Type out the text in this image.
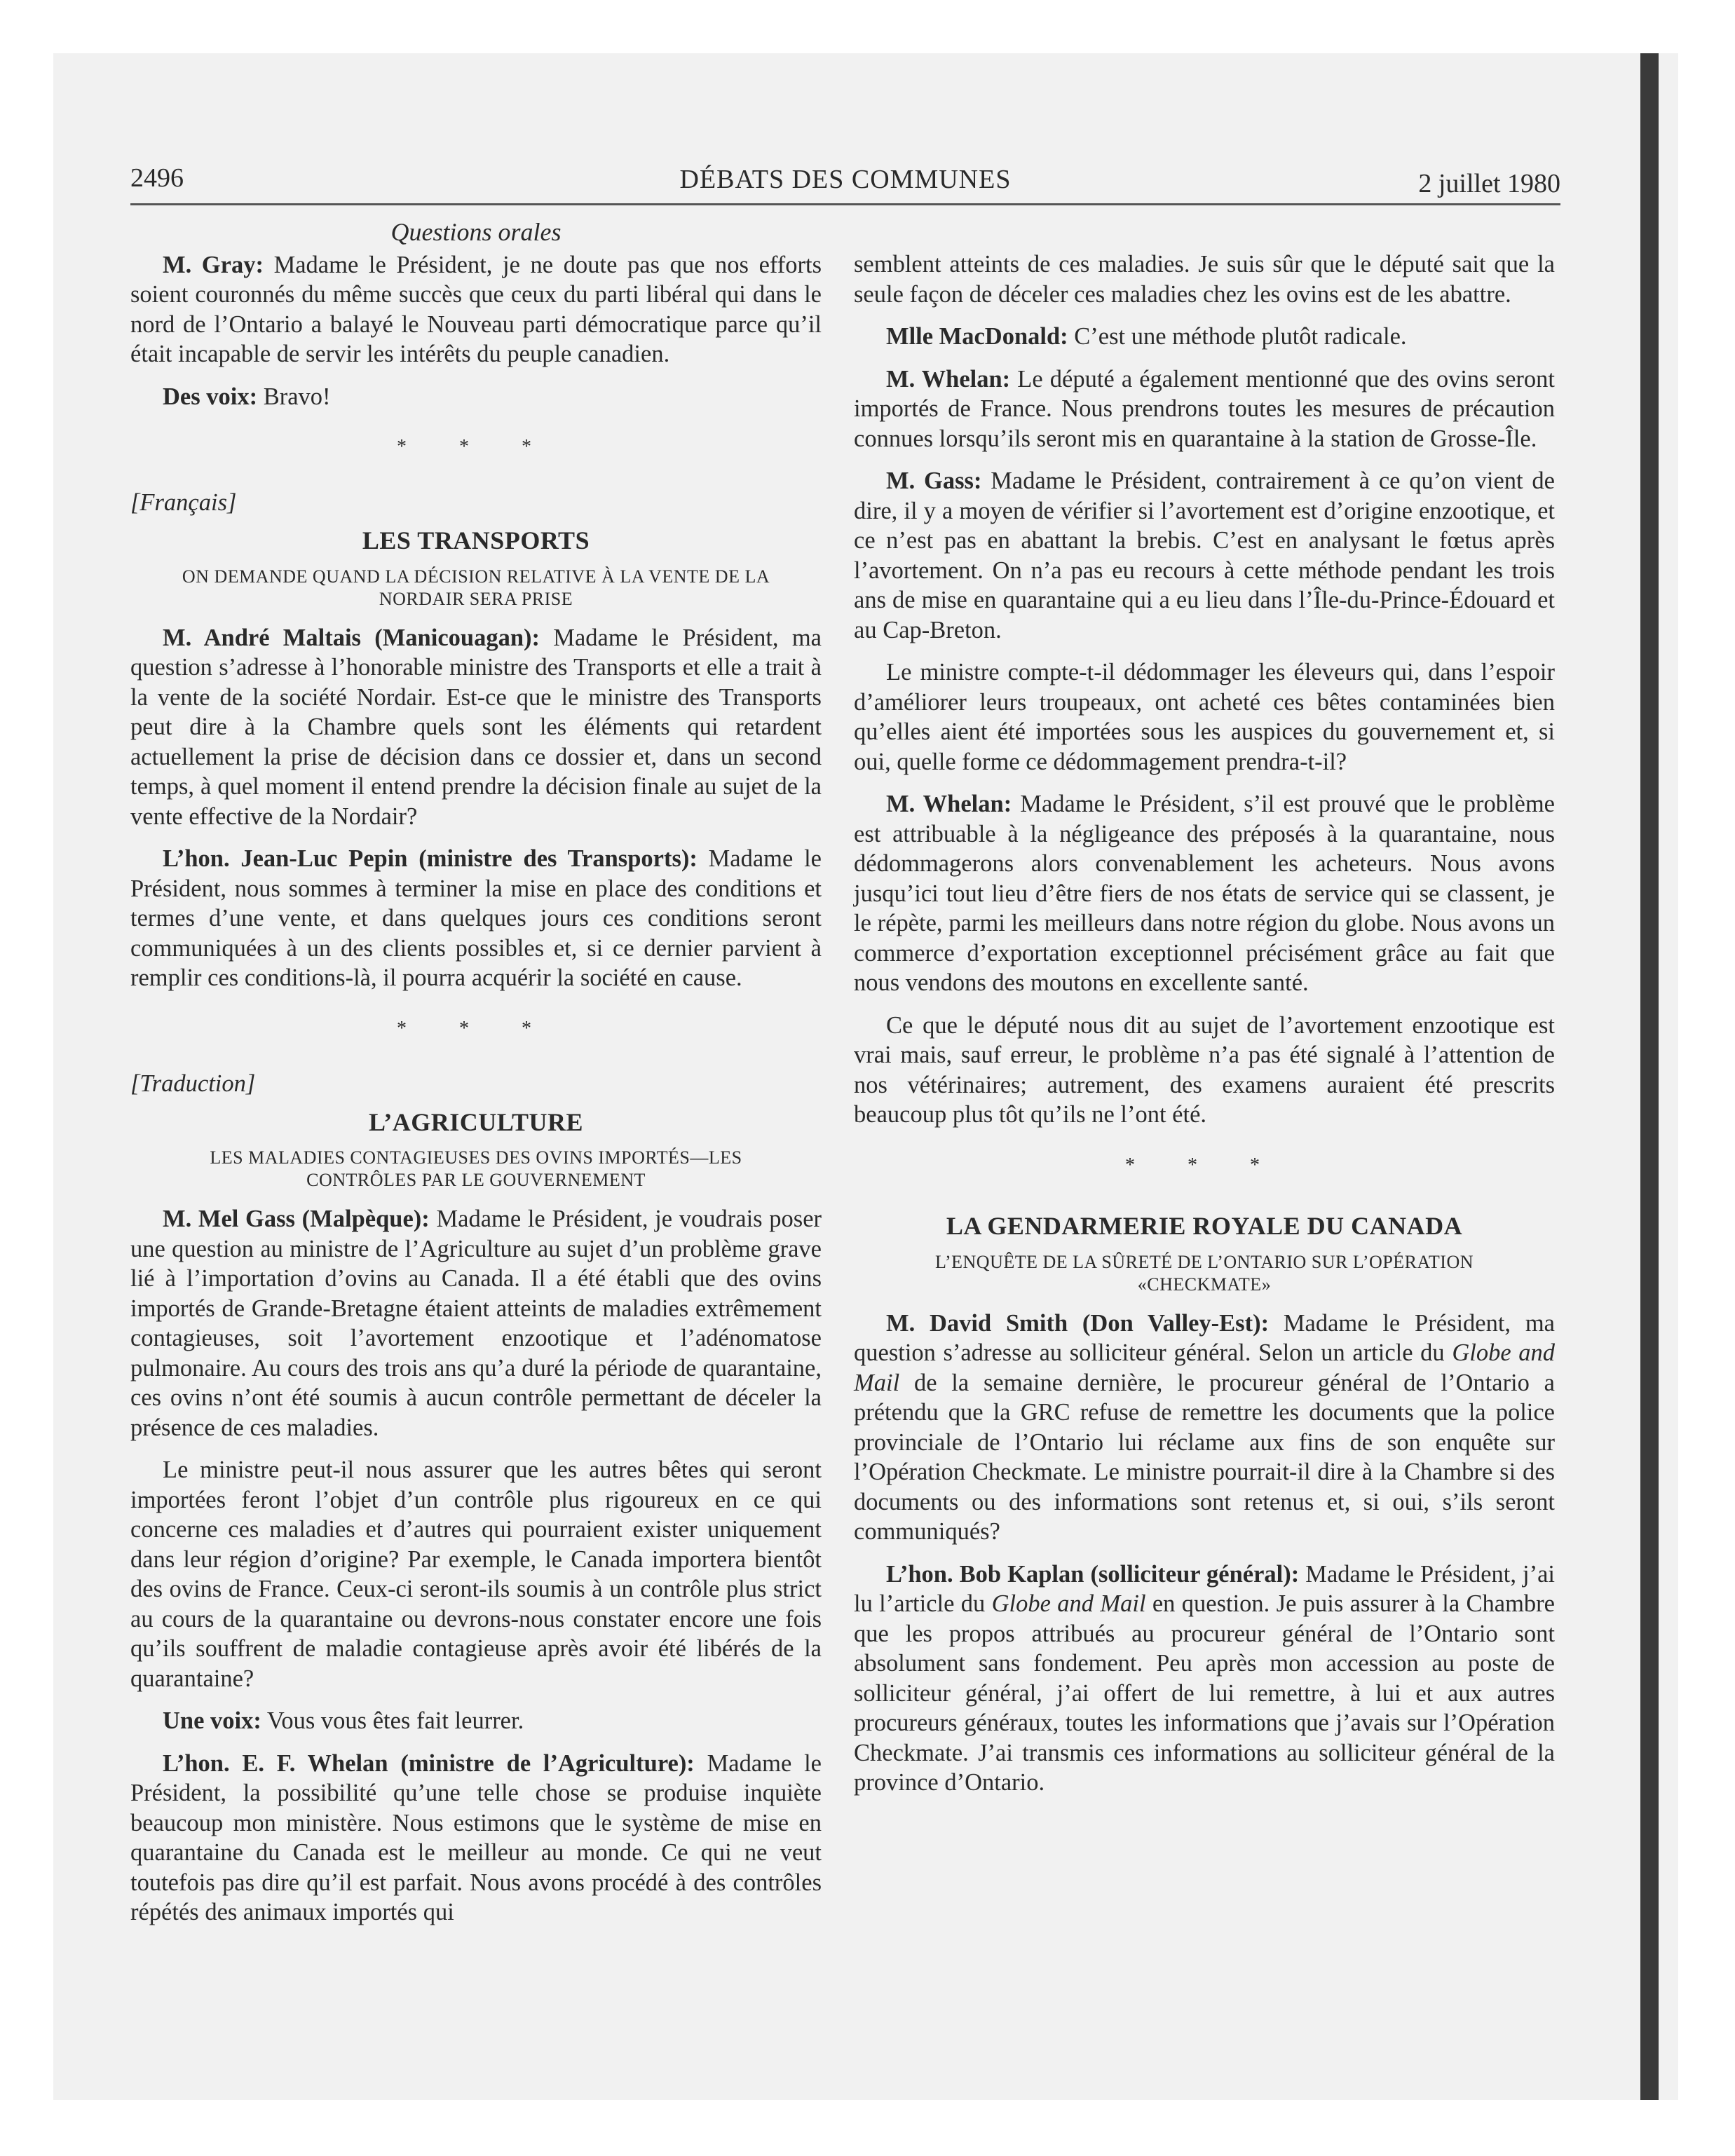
2496	DÉBATS DES COMMUNES	2 juillet 1980
Questions orales

M. Gray: Madame le Président, je ne doute pas que nos efforts soient couronnés du même succès que ceux du parti libéral qui dans le nord de l’Ontario a balayé le Nouveau parti démocratique parce qu’il était incapable de servir les intérêts du peuple canadien.

Des voix: Bravo!

* * *
[Français]
LES TRANSPORTS
ON DEMANDE QUAND LA DÉCISION RELATIVE À LA VENTE DE LA NORDAIR SERA PRISE

M. André Maltais (Manicouagan): Madame le Président, ma question s’adresse à l’honorable ministre des Transports et elle a trait à la vente de la société Nordair. Est-ce que le ministre des Transports peut dire à la Chambre quels sont les éléments qui retardent actuellement la prise de décision dans ce dossier et, dans un second temps, à quel moment il entend prendre la décision finale au sujet de la vente effective de la Nordair?

L’hon. Jean-Luc Pepin (ministre des Transports): Madame le Président, nous sommes à terminer la mise en place des conditions et termes d’une vente, et dans quelques jours ces conditions seront communiquées à un des clients possibles et, si ce dernier parvient à remplir ces conditions-là, il pourra acquérir la société en cause.

* * *
[Traduction]
L’AGRICULTURE
LES MALADIES CONTAGIEUSES DES OVINS IMPORTÉS—LES CONTRÔLES PAR LE GOUVERNEMENT

M. Mel Gass (Malpèque): Madame le Président, je voudrais poser une question au ministre de l’Agriculture au sujet d’un problème grave lié à l’importation d’ovins au Canada. Il a été établi que des ovins importés de Grande-Bretagne étaient atteints de maladies extrêmement contagieuses, soit l’avortement enzootique et l’adénomatose pulmonaire. Au cours des trois ans qu’a duré la période de quarantaine, ces ovins n’ont été soumis à aucun contrôle permettant de déceler la présence de ces maladies.

Le ministre peut-il nous assurer que les autres bêtes qui seront importées feront l’objet d’un contrôle plus rigoureux en ce qui concerne ces maladies et d’autres qui pourraient exister uniquement dans leur région d’origine? Par exemple, le Canada importera bientôt des ovins de France. Ceux-ci seront-ils soumis à un contrôle plus strict au cours de la quarantaine ou devrons-nous constater encore une fois qu’ils souffrent de maladie contagieuse après avoir été libérés de la quarantaine?

Une voix: Vous vous êtes fait leurrer.

L’hon. E. F. Whelan (ministre de l’Agriculture): Madame le Président, la possibilité qu’une telle chose se produise inquiète beaucoup mon ministère. Nous estimons que le système de mise en quarantaine du Canada est le meilleur au monde. Ce qui ne veut toutefois pas dire qu’il est parfait. Nous avons procédé à des contrôles répétés des animaux importés qui

semblent atteints de ces maladies. Je suis sûr que le député sait que la seule façon de déceler ces maladies chez les ovins est de les abattre.

Mlle MacDonald: C’est une méthode plutôt radicale.

M. Whelan: Le député a également mentionné que des ovins seront importés de France. Nous prendrons toutes les mesures de précaution connues lorsqu’ils seront mis en quarantaine à la station de Grosse-Île.

M. Gass: Madame le Président, contrairement à ce qu’on vient de dire, il y a moyen de vérifier si l’avortement est d’origine enzootique, et ce n’est pas en abattant la brebis. C’est en analysant le fœtus après l’avortement. On n’a pas eu recours à cette méthode pendant les trois ans de mise en quarantaine qui a eu lieu dans l’Île-du-Prince-Édouard et au Cap-Breton.

Le ministre compte-t-il dédommager les éleveurs qui, dans l’espoir d’améliorer leurs troupeaux, ont acheté ces bêtes contaminées bien qu’elles aient été importées sous les auspices du gouvernement et, si oui, quelle forme ce dédommagement prendra-t-il?

M. Whelan: Madame le Président, s’il est prouvé que le problème est attribuable à la négligeance des préposés à la quarantaine, nous dédommagerons alors convenablement les acheteurs. Nous avons jusqu’ici tout lieu d’être fiers de nos états de service qui se classent, je le répète, parmi les meilleurs dans notre région du globe. Nous avons un commerce d’exportation exceptionnel précisément grâce au fait que nous vendons des moutons en excellente santé.

Ce que le député nous dit au sujet de l’avortement enzootique est vrai mais, sauf erreur, le problème n’a pas été signalé à l’attention de nos vétérinaires; autrement, des examens auraient été prescrits beaucoup plus tôt qu’ils ne l’ont été.

* * *
LA GENDARMERIE ROYALE DU CANADA
L’ENQUÊTE DE LA SÛRETÉ DE L’ONTARIO SUR L’OPÉRATION «CHECKMATE»

M. David Smith (Don Valley-Est): Madame le Président, ma question s’adresse au solliciteur général. Selon un article du Globe and Mail de la semaine dernière, le procureur général de l’Ontario a prétendu que la GRC refuse de remettre les documents que la police provinciale de l’Ontario lui réclame aux fins de son enquête sur l’Opération Checkmate. Le ministre pourrait-il dire à la Chambre si des documents ou des informations sont retenus et, si oui, s’ils seront communiqués?

L’hon. Bob Kaplan (solliciteur général): Madame le Président, j’ai lu l’article du Globe and Mail en question. Je puis assurer à la Chambre que les propos attribués au procureur général de l’Ontario sont absolument sans fondement. Peu après mon accession au poste de solliciteur général, j’ai offert de lui remettre, à lui et aux autres procureurs généraux, toutes les informations que j’avais sur l’Opération Checkmate. J’ai transmis ces informations au solliciteur général de la province d’Ontario.
